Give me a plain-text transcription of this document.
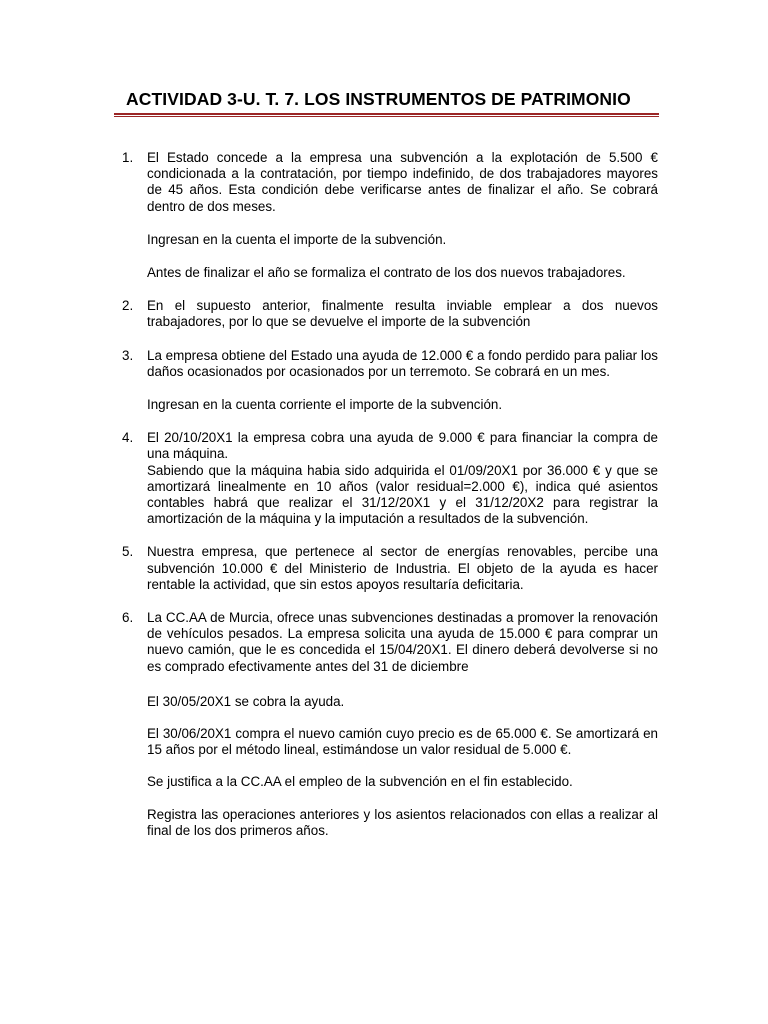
ACTIVIDAD 3-U. T. 7. LOS INSTRUMENTOS DE PATRIMONIO
1. El Estado concede a la empresa una subvención a la explotación de 5.500 € condicionada a la contratación, por tiempo indefinido, de dos trabajadores mayores de 45 años. Esta condición debe verificarse antes de finalizar el año. Se cobrará dentro de dos meses.

Ingresan en la cuenta el importe de la subvención.

Antes de finalizar el año se formaliza el contrato de los dos nuevos trabajadores.

2. En el supuesto anterior, finalmente resulta inviable emplear a dos nuevos trabajadores, por lo que se devuelve el importe de la subvención

3. La empresa obtiene del Estado una ayuda de 12.000 € a fondo perdido para paliar los daños ocasionados por ocasionados por un terremoto. Se cobrará en un mes.

Ingresan en la cuenta corriente el importe de la subvención.

4. El 20/10/20X1 la empresa cobra una ayuda de 9.000 € para financiar la compra de una máquina.

Sabiendo que la máquina habia sido adquirida el 01/09/20X1 por 36.000 € y que se amortizará linealmente en 10 años (valor residual=2.000 €), indica qué asientos contables habrá que realizar el 31/12/20X1 y el 31/12/20X2 para registrar la amortización de la máquina y la imputación a resultados de la subvención.

5. Nuestra empresa, que pertenece al sector de energías renovables, percibe una subvención 10.000 € del Ministerio de Industria. El objeto de la ayuda es hacer rentable la actividad, que sin estos apoyos resultaría deficitaria.

6. La CC.AA de Murcia, ofrece unas subvenciones destinadas a promover la renovación de vehículos pesados. La empresa solicita una ayuda de 15.000 € para comprar un nuevo camión, que le es concedida el 15/04/20X1. El dinero deberá devolverse si no es comprado efectivamente antes del 31 de diciembre

El 30/05/20X1 se cobra la ayuda.

El 30/06/20X1 compra el nuevo camión cuyo precio es de 65.000 €. Se amortizará en 15 años por el método lineal, estimándose un valor residual de 5.000 €.

Se justifica a la CC.AA el empleo de la subvención en el fin establecido.

Registra las operaciones anteriores y los asientos relacionados con ellas a realizar al final de los dos primeros años.
